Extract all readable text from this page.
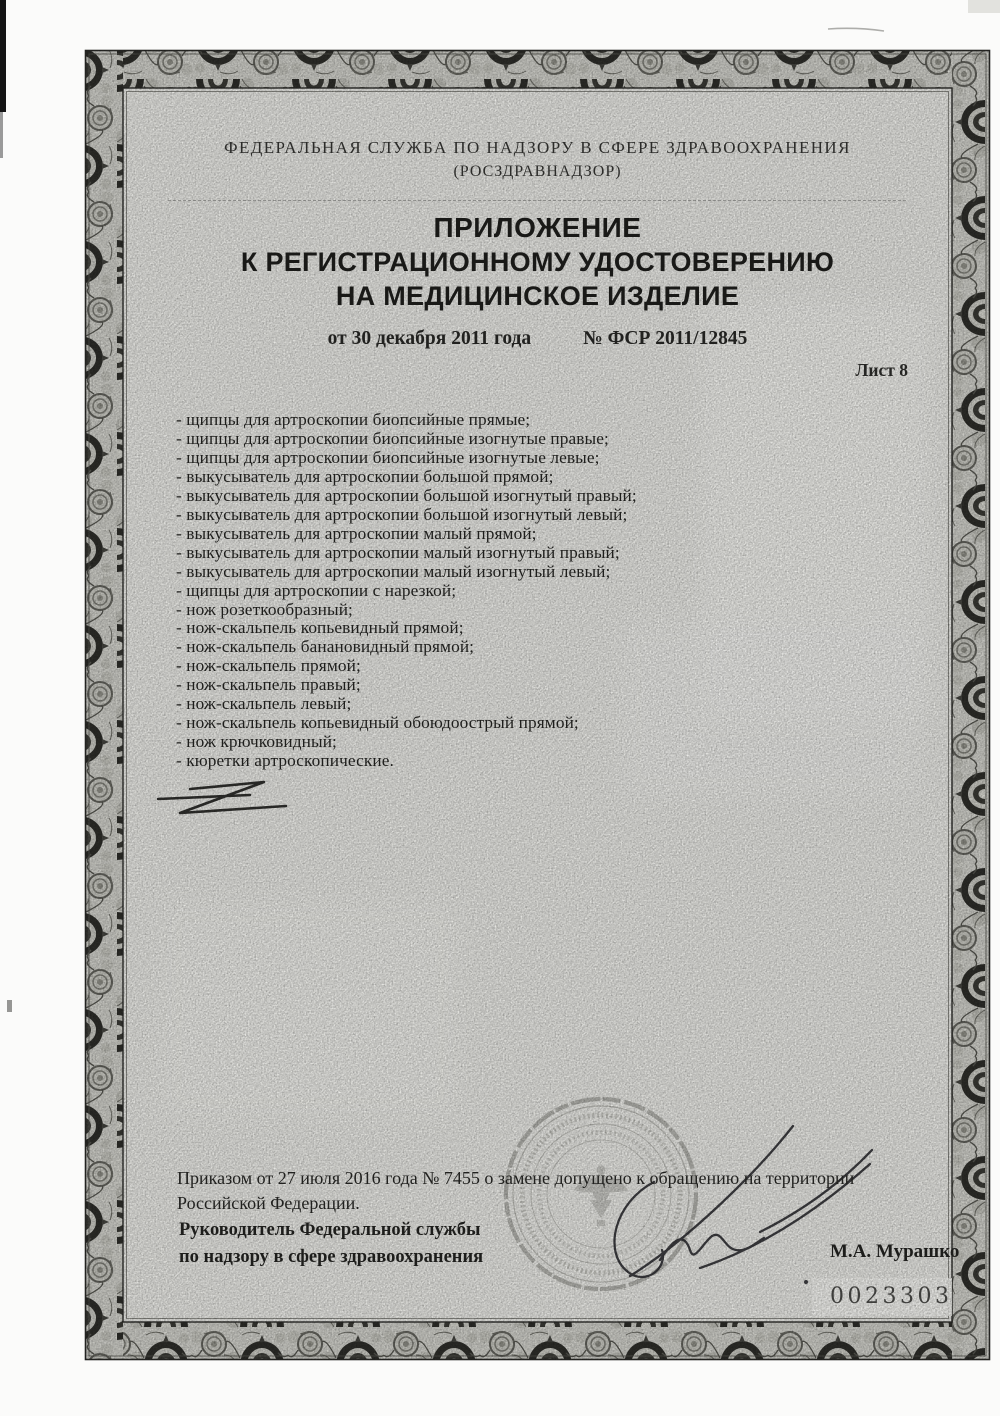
ФЕДЕРАЛЬНАЯ СЛУЖБА ПО НАДЗОРУ В СФЕРЕ ЗДРАВООХРАНЕНИЯ
(РОСЗДРАВНАДЗОР)
ПРИЛОЖЕНИЕ
К РЕГИСТРАЦИОННОМУ УДОСТОВЕРЕНИЮ
НА МЕДИЦИНСКОЕ ИЗДЕЛИЕ
от 30 декабря 2011 года	№ ФСР 2011/12845
Лист 8
- щипцы для артроскопии биопсийные прямые;
- щипцы для артроскопии биопсийные изогнутые правые;
- щипцы для артроскопии биопсийные изогнутые левые;
- выкусыватель для артроскопии большой прямой;
- выкусыватель для артроскопии большой изогнутый правый;
- выкусыватель для артроскопии большой изогнутый левый;
- выкусыватель для артроскопии малый прямой;
- выкусыватель для артроскопии малый изогнутый правый;
- выкусыватель для артроскопии малый изогнутый левый;
- щипцы для артроскопии с нарезкой;
- нож розеткообразный;
- нож-скальпель копьевидный прямой;
- нож-скальпель банановидный прямой;
- нож-скальпель прямой;
- нож-скальпель правый;
- нож-скальпель левый;
- нож-скальпель копьевидный обоюдоострый прямой;
- нож крючковидный;
- кюретки артроскопические.
Приказом от 27 июля 2016 года № 7455 о замене допущено к обращению на территории Российской Федерации.
Руководитель Федеральной службы
по надзору в сфере здравоохранения	М.А. Мурашко
0023303
